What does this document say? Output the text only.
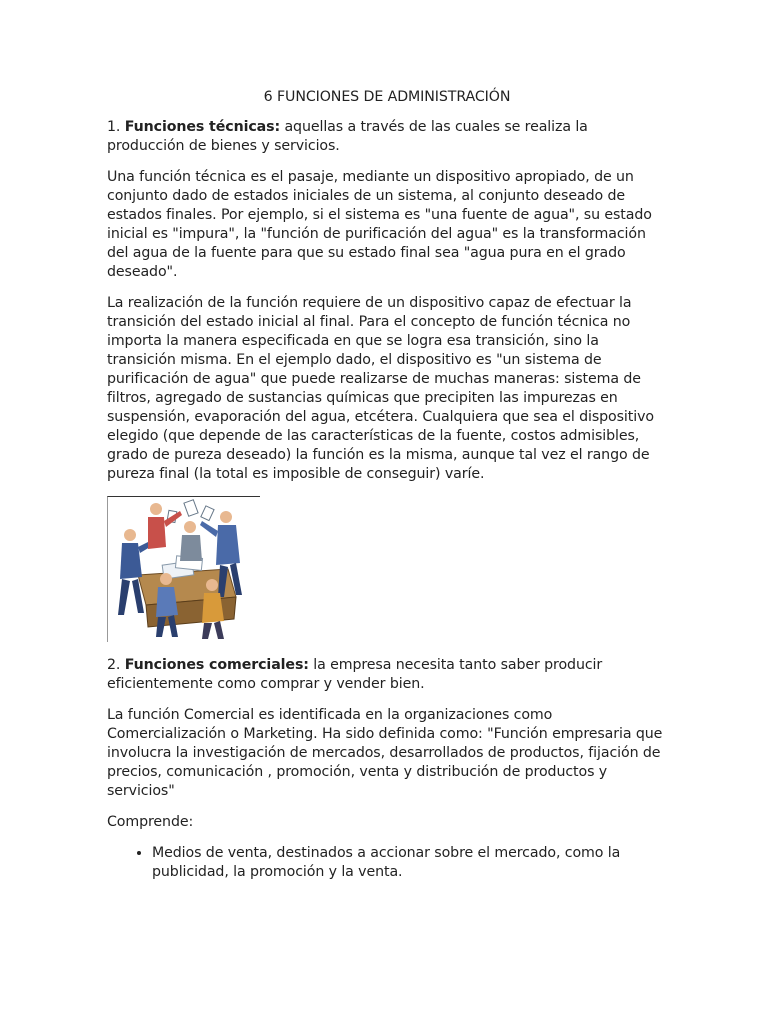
6 FUNCIONES DE ADMINISTRACIÓN

1. Funciones técnicas: aquellas a través de las cuales se realiza la producción de bienes y servicios.

Una función técnica es el pasaje, mediante un dispositivo apropiado, de un conjunto dado de estados iniciales de un sistema, al conjunto deseado de estados finales. Por ejemplo, si el sistema es "una fuente de agua", su estado inicial es "impura", la "función de purificación del agua" es la transformación del agua de la fuente para que su estado final sea "agua pura en el grado deseado".

La realización de la función requiere de un dispositivo capaz de efectuar la transición del estado inicial al final. Para el concepto de función técnica no importa la manera especificada en que se logra esa transición, sino la transición misma. En el ejemplo dado, el dispositivo es "un sistema de purificación de agua" que puede realizarse de muchas maneras: sistema de filtros, agregado de sustancias químicas que precipiten las impurezas en suspensión, evaporación del agua, etcétera. Cualquiera que sea el dispositivo elegido (que depende de las características de la fuente, costos admisibles, grado de pureza deseado) la función es la misma, aunque tal vez el rango de pureza final (la total es imposible de conseguir) varíe.

2. Funciones comerciales: la empresa necesita tanto saber producir eficientemente como comprar y vender bien.

La función Comercial es identificada en la organizaciones como Comercialización o Marketing. Ha sido definida como: "Función empresaria que involucra la investigación de mercados, desarrollados de productos, fijación de precios, comunicación , promoción, venta y distribución de productos y servicios"

Comprende:

• Medios de venta, destinados a accionar sobre el mercado, como la publicidad, la promoción y la venta.
